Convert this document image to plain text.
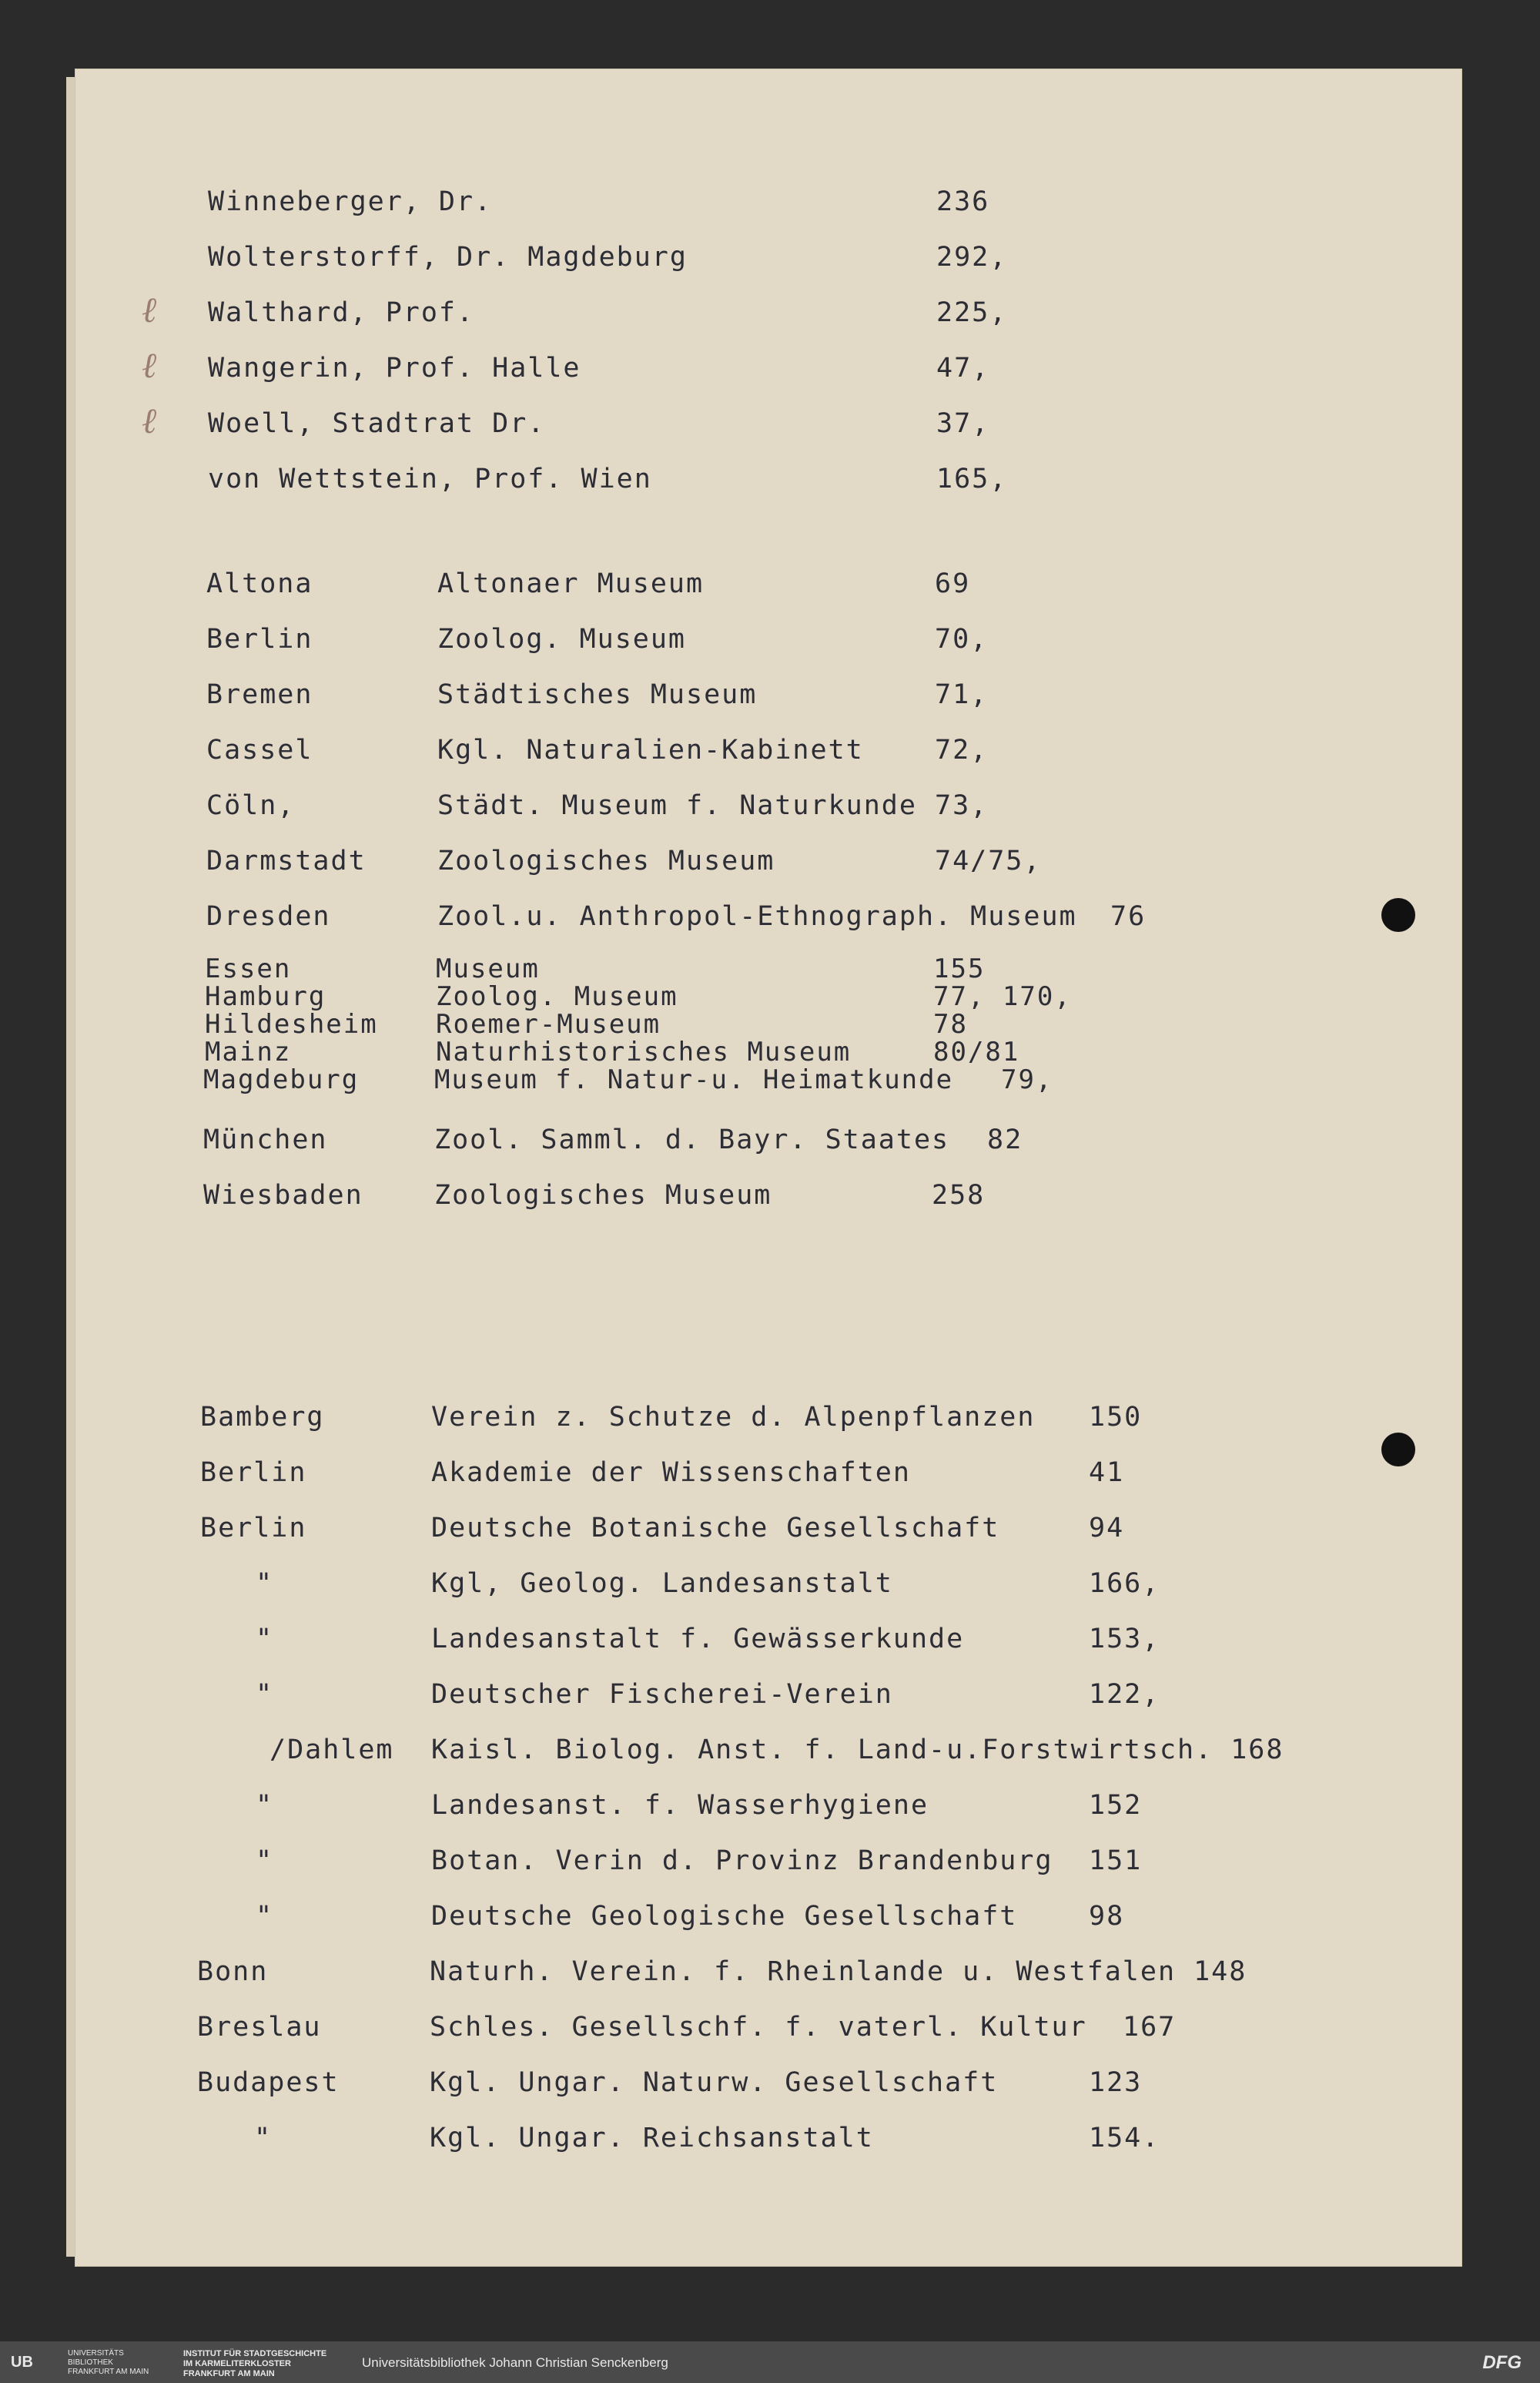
Winneberger, Dr.	236
Wolterstorff, Dr. Magdeburg	292,
ℓ Walthard, Prof.	225,
ℓ Wangerin, Prof. Halle	47,
ℓ Woell, Stadtrat Dr.	37,
von Wettstein, Prof. Wien	165,
Altona	Altonaer Museum	69
Berlin	Zoolog. Museum	70,
Bremen	Städtisches Museum	71,
Cassel	Kgl. Naturalien-Kabinett	72,
Cöln,	Städt. Museum f. Naturkunde 73,
Darmstadt	Zoologisches Museum	74/75,
Dresden	Zool.u. Anthropol-Ethnograph. Museum 76
Essen	Museum	155
Hamburg	Zoolog. Museum	77, 170,
Hildesheim Roemer-Museum	78
Mainz	Naturhistorisches Museum	80/81
Magdeburg	Museum f. Natur-u. Heimatkunde 79,
München	Zool. Samml. d. Bayr. Staates 82
Wiesbaden	Zoologisches Museum	258
Bamberg	Verein z. Schutze d. Alpenpflanzen 150
Berlin	Akademie der Wissenschaften	41
Berlin	Deutsche Botanische Gesellschaft	94
"	Kgl, Geolog. Landesanstalt	166,
"	Landesanstalt f. Gewässerkunde	153,
"	Deutscher Fischerei-Verein	122,
/Dahlem Kaisl. Biolog. Anst. f. Land-u.Forstwirtsch. 168
"	Landesanst. f. Wasserhygiene	152
"	Botan. Verin d. Provinz Brandenburg 151
"	Deutsche Geologische Gesellschaft	98
Bonn	Naturh. Verein. f. Rheinlande u. Westfalen 148
Breslau	Schles. Gesellschf. f. vaterl. Kultur 167
Budapest	Kgl. Ungar. Naturw. Gesellschaft	123
"	Kgl. Ungar. Reichsanstalt	154.
UB
UNIVERSITÄTS BIBLIOTHEK FRANKFURT AM MAIN
INSTITUT FÜR STADTGESCHICHTE IM KARMELITERKLOSTER FRANKFURT AM MAIN
Universitätsbibliothek Johann Christian Senckenberg	DFG
